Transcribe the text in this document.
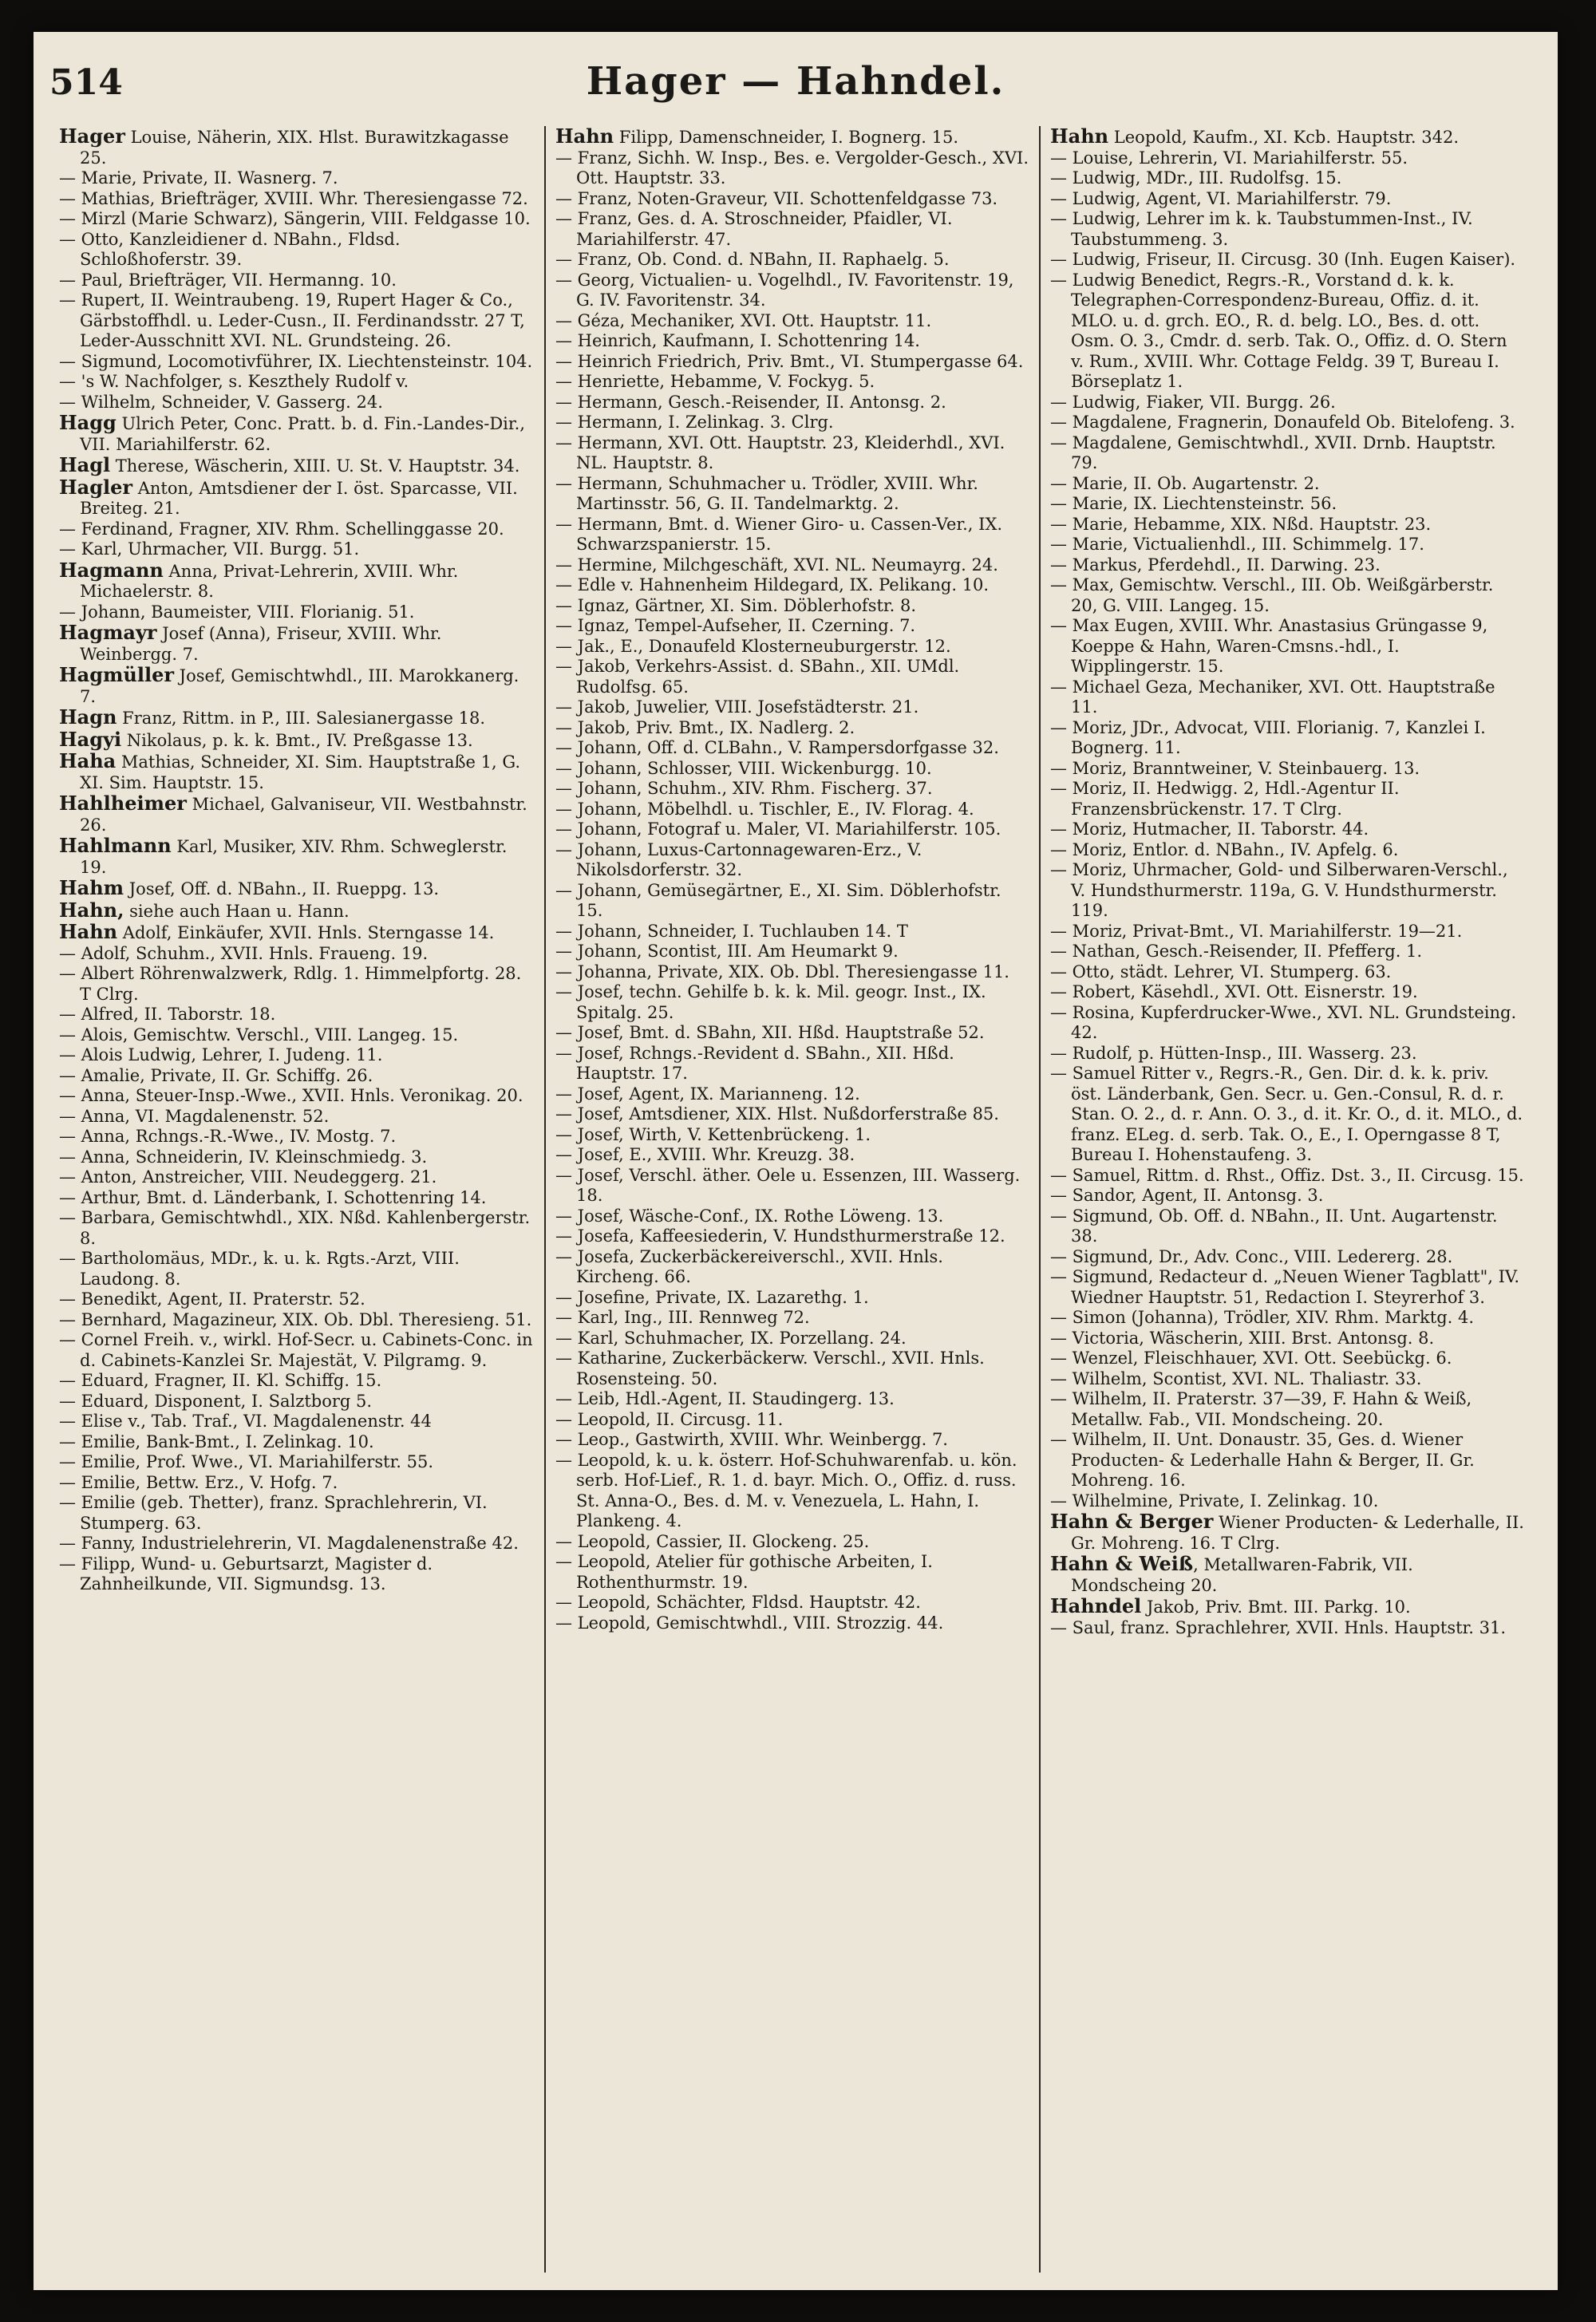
514	Hager — Hahndel.

Hager Louise, Näherin, XIX. Hlst. Burawitzkagasse 25.

— Marie, Private, II. Wasnerg. 7.

— Mathias, Briefträger, XVIII. Whr. Theresiengasse 72.

— Mirzl (Marie Schwarz), Sängerin, VIII. Feldgasse 10.

— Otto, Kanzleidiener d. NBahn., Fldsd. Schloßhoferstr. 39.

— Paul, Briefträger, VII. Hermanng. 10.

— Rupert, II. Weintraubeng. 19, Rupert Hager & Co., Gärbstoffhdl. u. Leder-Cusn., II. Ferdinandsstr. 27 T, Leder-Ausschnitt XVI. NL. Grundsteing. 26.

— Sigmund, Locomotivführer, IX. Liechtensteinstr. 104.

— 's W. Nachfolger, s. Keszthely Rudolf v.

— Wilhelm, Schneider, V. Gasserg. 24.

Hagg Ulrich Peter, Conc. Pratt. b. d. Fin.-Landes-Dir., VII. Mariahilferstr. 62.

Hagl Therese, Wäscherin, XIII. U. St. V. Hauptstr. 34.

Hagler Anton, Amtsdiener der I. öst. Sparcasse, VII. Breiteg. 21.

— Ferdinand, Fragner, XIV. Rhm. Schellinggasse 20.

— Karl, Uhrmacher, VII. Burgg. 51.

Hagmann Anna, Privat-Lehrerin, XVIII. Whr. Michaelerstr. 8.

— Johann, Baumeister, VIII. Florianig. 51.

Hagmayr Josef (Anna), Friseur, XVIII. Whr. Weinbergg. 7.

Hagmüller Josef, Gemischtwhdl., III. Marokkanerg. 7.

Hagn Franz, Rittm. in P., III. Salesianergasse 18.

Hagyi Nikolaus, p. k. k. Bmt., IV. Preßgasse 13.

Haha Mathias, Schneider, XI. Sim. Hauptstraße 1, G. XI. Sim. Hauptstr. 15.

Hahlheimer Michael, Galvaniseur, VII. Westbahnstr. 26.

Hahlmann Karl, Musiker, XIV. Rhm. Schweglerstr. 19.

Hahm Josef, Off. d. NBahn., II. Rueppg. 13.

Hahn, siehe auch Haan u. Hann.

Hahn Adolf, Einkäufer, XVII. Hnls. Sterngasse 14.

— Adolf, Schuhm., XVII. Hnls. Fraueng. 19.

— Albert Röhrenwalzwerk, Rdlg. 1. Himmelpfortg. 28. T Clrg.

— Alfred, II. Taborstr. 18.

— Alois, Gemischtw. Verschl., VIII. Langeg. 15.

— Alois Ludwig, Lehrer, I. Judeng. 11.

— Amalie, Private, II. Gr. Schiffg. 26.

— Anna, Steuer-Insp.-Wwe., XVII. Hnls. Veronikag. 20.

— Anna, VI. Magdalenenstr. 52.

— Anna, Rchngs.-R.-Wwe., IV. Mostg. 7.

— Anna, Schneiderin, IV. Kleinschmiedg. 3.

— Anton, Anstreicher, VIII. Neudeggerg. 21.

— Arthur, Bmt. d. Länderbank, I. Schottenring 14.

— Barbara, Gemischtwhdl., XIX. Nßd. Kahlenbergerstr. 8.

— Bartholomäus, MDr., k. u. k. Rgts.-Arzt, VIII. Laudong. 8.

— Benedikt, Agent, II. Praterstr. 52.

— Bernhard, Magazineur, XIX. Ob. Dbl. Theresieng. 51.

— Cornel Freih. v., wirkl. Hof-Secr. u. Cabinets-Conc. in d. Cabinets-Kanzlei Sr. Majestät, V. Pilgramg. 9.

— Eduard, Fragner, II. Kl. Schiffg. 15.

— Eduard, Disponent, I. Salztborg 5.

— Elise v., Tab. Traf., VI. Magdalenenstr. 44

— Emilie, Bank-Bmt., I. Zelinkag. 10.

— Emilie, Prof. Wwe., VI. Mariahilferstr. 55.

— Emilie, Bettw. Erz., V. Hofg. 7.

— Emilie (geb. Thetter), franz. Sprachlehrerin, VI. Stumperg. 63.

— Fanny, Industrielehrerin, VI. Magdalenenstraße 42.

— Filipp, Wund- u. Geburtsarzt, Magister d. Zahnheilkunde, VII. Sigmundsg. 13.

Hahn Filipp, Damenschneider, I. Bognerg. 15.

— Franz, Sichh. W. Insp., Bes. e. Vergolder-Gesch., XVI. Ott. Hauptstr. 33.

— Franz, Noten-Graveur, VII. Schottenfeldgasse 73.

— Franz, Ges. d. A. Stroschneider, Pfaidler, VI. Mariahilferstr. 47.

— Franz, Ob. Cond. d. NBahn, II. Raphaelg. 5.

— Georg, Victualien- u. Vogelhdl., IV. Favoritenstr. 19, G. IV. Favoritenstr. 34.

— Géza, Mechaniker, XVI. Ott. Hauptstr. 11.

— Heinrich, Kaufmann, I. Schottenring 14.

— Heinrich Friedrich, Priv. Bmt., VI. Stumpergasse 64.

— Henriette, Hebamme, V. Fockyg. 5.

— Hermann, Gesch.-Reisender, II. Antonsg. 2.

— Hermann, I. Zelinkag. 3. Clrg.

— Hermann, XVI. Ott. Hauptstr. 23, Kleiderhdl., XVI. NL. Hauptstr. 8.

— Hermann, Schuhmacher u. Trödler, XVIII. Whr. Martinsstr. 56, G. II. Tandelmarktg. 2.

— Hermann, Bmt. d. Wiener Giro- u. Cassen-Ver., IX. Schwarzspanierstr. 15.

— Hermine, Milchgeschäft, XVI. NL. Neumayrg. 24.

— Edle v. Hahnenheim Hildegard, IX. Pelikang. 10.

— Ignaz, Gärtner, XI. Sim. Döblerhofstr. 8.

— Ignaz, Tempel-Aufseher, II. Czerning. 7.

— Jak., E., Donaufeld Klosterneuburgerstr. 12.

— Jakob, Verkehrs-Assist. d. SBahn., XII. UMdl. Rudolfsg. 65.

— Jakob, Juwelier, VIII. Josefstädterstr. 21.

— Jakob, Priv. Bmt., IX. Nadlerg. 2.

— Johann, Off. d. CLBahn., V. Rampersdorfgasse 32.

— Johann, Schlosser, VIII. Wickenburgg. 10.

— Johann, Schuhm., XIV. Rhm. Fischerg. 37.

— Johann, Möbelhdl. u. Tischler, E., IV. Florag. 4.

— Johann, Fotograf u. Maler, VI. Mariahilferstr. 105.

— Johann, Luxus-Cartonnagewaren-Erz., V. Nikolsdorferstr. 32.

— Johann, Gemüsegärtner, E., XI. Sim. Döblerhofstr. 15.

— Johann, Schneider, I. Tuchlauben 14. T

— Johann, Scontist, III. Am Heumarkt 9.

— Johanna, Private, XIX. Ob. Dbl. Theresiengasse 11.

— Josef, techn. Gehilfe b. k. k. Mil. geogr. Inst., IX. Spitalg. 25.

— Josef, Bmt. d. SBahn, XII. Hßd. Hauptstraße 52.

— Josef, Rchngs.-Revident d. SBahn., XII. Hßd. Hauptstr. 17.

— Josef, Agent, IX. Marianneng. 12.

— Josef, Amtsdiener, XIX. Hlst. Nußdorferstraße 85.

— Josef, Wirth, V. Kettenbrückeng. 1.

— Josef, E., XVIII. Whr. Kreuzg. 38.

— Josef, Verschl. äther. Oele u. Essenzen, III. Wasserg. 18.

— Josef, Wäsche-Conf., IX. Rothe Löweng. 13.

— Josefa, Kaffeesiederin, V. Hundsthurmerstraße 12.

— Josefa, Zuckerbäckereiverschl., XVII. Hnls. Kircheng. 66.

— Josefine, Private, IX. Lazarethg. 1.

— Karl, Ing., III. Rennweg 72.

— Karl, Schuhmacher, IX. Porzellang. 24.

— Katharine, Zuckerbäckerw. Verschl., XVII. Hnls. Rosensteing. 50.

— Leib, Hdl.-Agent, II. Staudingerg. 13.

— Leopold, II. Circusg. 11.

— Leop., Gastwirth, XVIII. Whr. Weinbergg. 7.

— Leopold, k. u. k. österr. Hof-Schuhwarenfab. u. kön. serb. Hof-Lief., R. 1. d. bayr. Mich. O., Offiz. d. russ. St. Anna-O., Bes. d. M. v. Venezuela, L. Hahn, I. Plankeng. 4.

— Leopold, Cassier, II. Glockeng. 25.

— Leopold, Atelier für gothische Arbeiten, I. Rothenthurmstr. 19.

— Leopold, Schächter, Fldsd. Hauptstr. 42.

— Leopold, Gemischtwhdl., VIII. Strozzig. 44.

Hahn Leopold, Kaufm., XI. Kcb. Hauptstr. 342.

— Louise, Lehrerin, VI. Mariahilferstr. 55.

— Ludwig, MDr., III. Rudolfsg. 15.

— Ludwig, Agent, VI. Mariahilferstr. 79.

— Ludwig, Lehrer im k. k. Taubstummen-Inst., IV. Taubstummeng. 3.

— Ludwig, Friseur, II. Circusg. 30 (Inh. Eugen Kaiser).

— Ludwig Benedict, Regrs.-R., Vorstand d. k. k. Telegraphen-Correspondenz-Bureau, Offiz. d. it. MLO. u. d. grch. EO., R. d. belg. LO., Bes. d. ott. Osm. O. 3., Cmdr. d. serb. Tak. O., Offiz. d. O. Stern v. Rum., XVIII. Whr. Cottage Feldg. 39 T, Bureau I. Börseplatz 1.

— Ludwig, Fiaker, VII. Burgg. 26.

— Magdalene, Fragnerin, Donaufeld Ob. Bitelofeng. 3.

— Magdalene, Gemischtwhdl., XVII. Drnb. Hauptstr. 79.

— Marie, II. Ob. Augartenstr. 2.

— Marie, IX. Liechtensteinstr. 56.

— Marie, Hebamme, XIX. Nßd. Hauptstr. 23.

— Marie, Victualienhdl., III. Schimmelg. 17.

— Markus, Pferdehdl., II. Darwing. 23.

— Max, Gemischtw. Verschl., III. Ob. Weißgärberstr. 20, G. VIII. Langeg. 15.

— Max Eugen, XVIII. Whr. Anastasius Grüngasse 9, Koeppe & Hahn, Waren-Cmsns.-hdl., I. Wipplingerstr. 15.

— Michael Geza, Mechaniker, XVI. Ott. Hauptstraße 11.

— Moriz, JDr., Advocat, VIII. Florianig. 7, Kanzlei I. Bognerg. 11.

— Moriz, Branntweiner, V. Steinbauerg. 13.

— Moriz, II. Hedwigg. 2, Hdl.-Agentur II. Franzensbrückenstr. 17. T Clrg.

— Moriz, Hutmacher, II. Taborstr. 44.

— Moriz, Entlor. d. NBahn., IV. Apfelg. 6.

— Moriz, Uhrmacher, Gold- und Silberwaren-Verschl., V. Hundsthurmerstr. 119a, G. V. Hundsthurmerstr. 119.

— Moriz, Privat-Bmt., VI. Mariahilferstr. 19—21.

— Nathan, Gesch.-Reisender, II. Pfefferg. 1.

— Otto, städt. Lehrer, VI. Stumperg. 63.

— Robert, Käsehdl., XVI. Ott. Eisnerstr. 19.

— Rosina, Kupferdrucker-Wwe., XVI. NL. Grundsteing. 42.

— Rudolf, p. Hütten-Insp., III. Wasserg. 23.

— Samuel Ritter v., Regrs.-R., Gen. Dir. d. k. k. priv. öst. Länderbank, Gen. Secr. u. Gen.-Consul, R. d. r. Stan. O. 2., d. r. Ann. O. 3., d. it. Kr. O., d. it. MLO., d. franz. ELeg. d. serb. Tak. O., E., I. Operngasse 8 T, Bureau I. Hohenstaufeng. 3.

— Samuel, Rittm. d. Rhst., Offiz. Dst. 3., II. Circusg. 15.

— Sandor, Agent, II. Antonsg. 3.

— Sigmund, Ob. Off. d. NBahn., II. Unt. Augartenstr. 38.

— Sigmund, Dr., Adv. Conc., VIII. Ledererg. 28.

— Sigmund, Redacteur d. „Neuen Wiener Tagblatt", IV. Wiedner Hauptstr. 51, Redaction I. Steyrerhof 3.

— Simon (Johanna), Trödler, XIV. Rhm. Marktg. 4.

— Victoria, Wäscherin, XIII. Brst. Antonsg. 8.

— Wenzel, Fleischhauer, XVI. Ott. Seebückg. 6.

— Wilhelm, Scontist, XVI. NL. Thaliastr. 33.

— Wilhelm, II. Praterstr. 37—39, F. Hahn & Weiß, Metallw. Fab., VII. Mondscheing. 20.

— Wilhelm, II. Unt. Donaustr. 35, Ges. d. Wiener Producten- & Lederhalle Hahn & Berger, II. Gr. Mohreng. 16.

— Wilhelmine, Private, I. Zelinkag. 10.

Hahn & Berger Wiener Producten- & Lederhalle, II. Gr. Mohreng. 16. T Clrg.

Hahn & Weiß, Metallwaren-Fabrik, VII. Mondscheing 20.

Hahndel Jakob, Priv. Bmt. III. Parkg. 10.

— Saul, franz. Sprachlehrer, XVII. Hnls. Hauptstr. 31.
